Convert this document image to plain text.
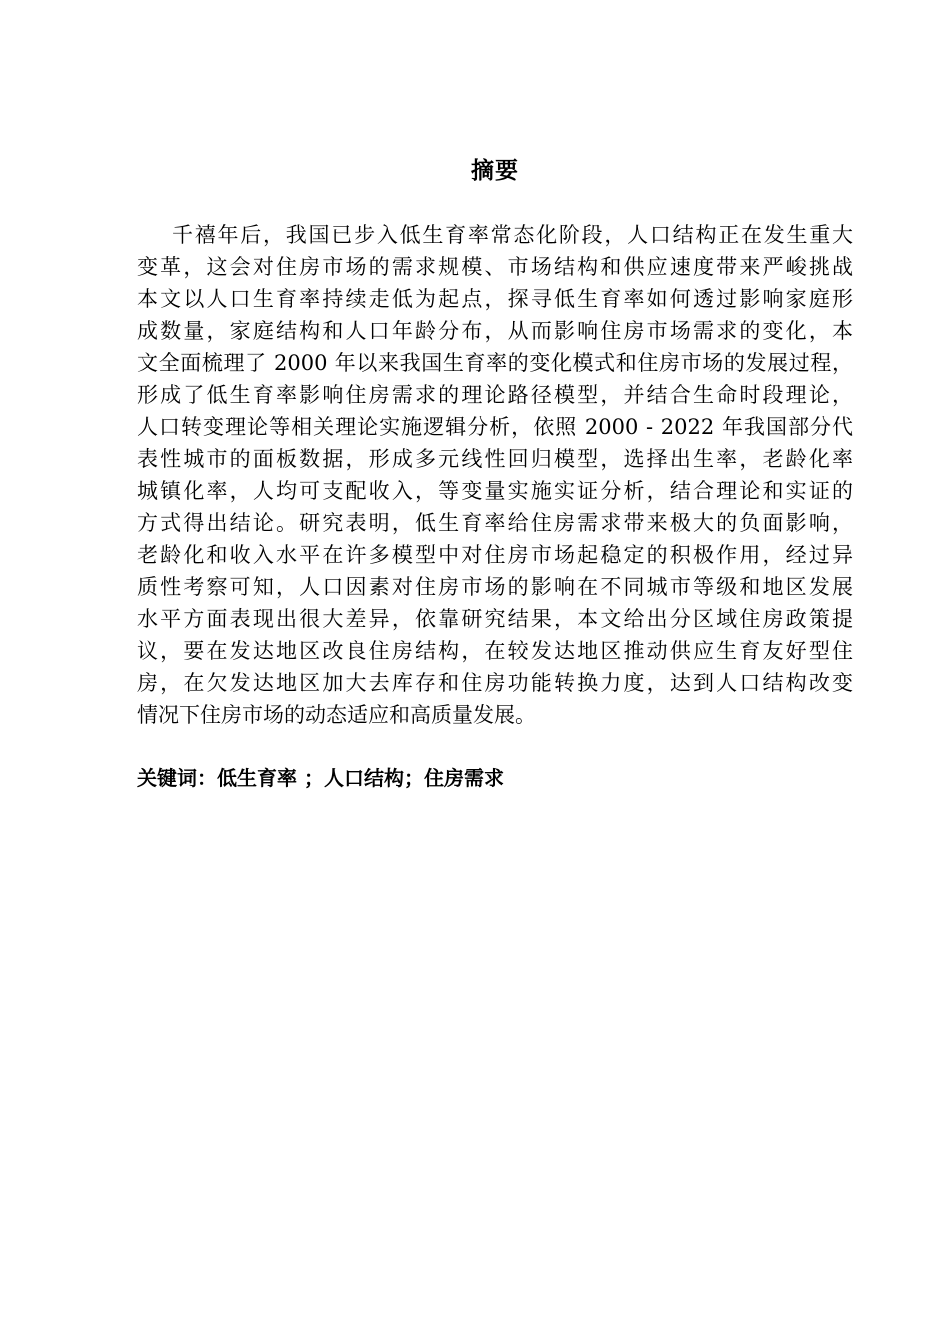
摘要
千禧年后，我国已步入低生育率常态化阶段，人口结构正在发生重大
变革，这会对住房市场的需求规模、市场结构和供应速度带来严峻挑战
本文以人口生育率持续走低为起点，探寻低生育率如何透过影响家庭形
成数量，家庭结构和人口年龄分布，从而影响住房市场需求的变化，本
文全面梳理了 2000 年以来我国生育率的变化模式和住房市场的发展过程，
形成了低生育率影响住房需求的理论路径模型，并结合生命时段理论，
人口转变理论等相关理论实施逻辑分析，依照 2000 - 2022 年我国部分代
表性城市的面板数据，形成多元线性回归模型，选择出生率，老龄化率
城镇化率，人均可支配收入，等变量实施实证分析，结合理论和实证的
方式得出结论。研究表明，低生育率给住房需求带来极大的负面影响，
老龄化和收入水平在许多模型中对住房市场起稳定的积极作用，经过异
质性考察可知，人口因素对住房市场的影响在不同城市等级和地区发展
水平方面表现出很大差异，依靠研究结果，本文给出分区域住房政策提
议，要在发达地区改良住房结构，在较发达地区推动供应生育友好型住
房，在欠发达地区加大去库存和住房功能转换力度，达到人口结构改变
情况下住房市场的动态适应和高质量发展。
关键词：低生育率 ；人口结构；住房需求
